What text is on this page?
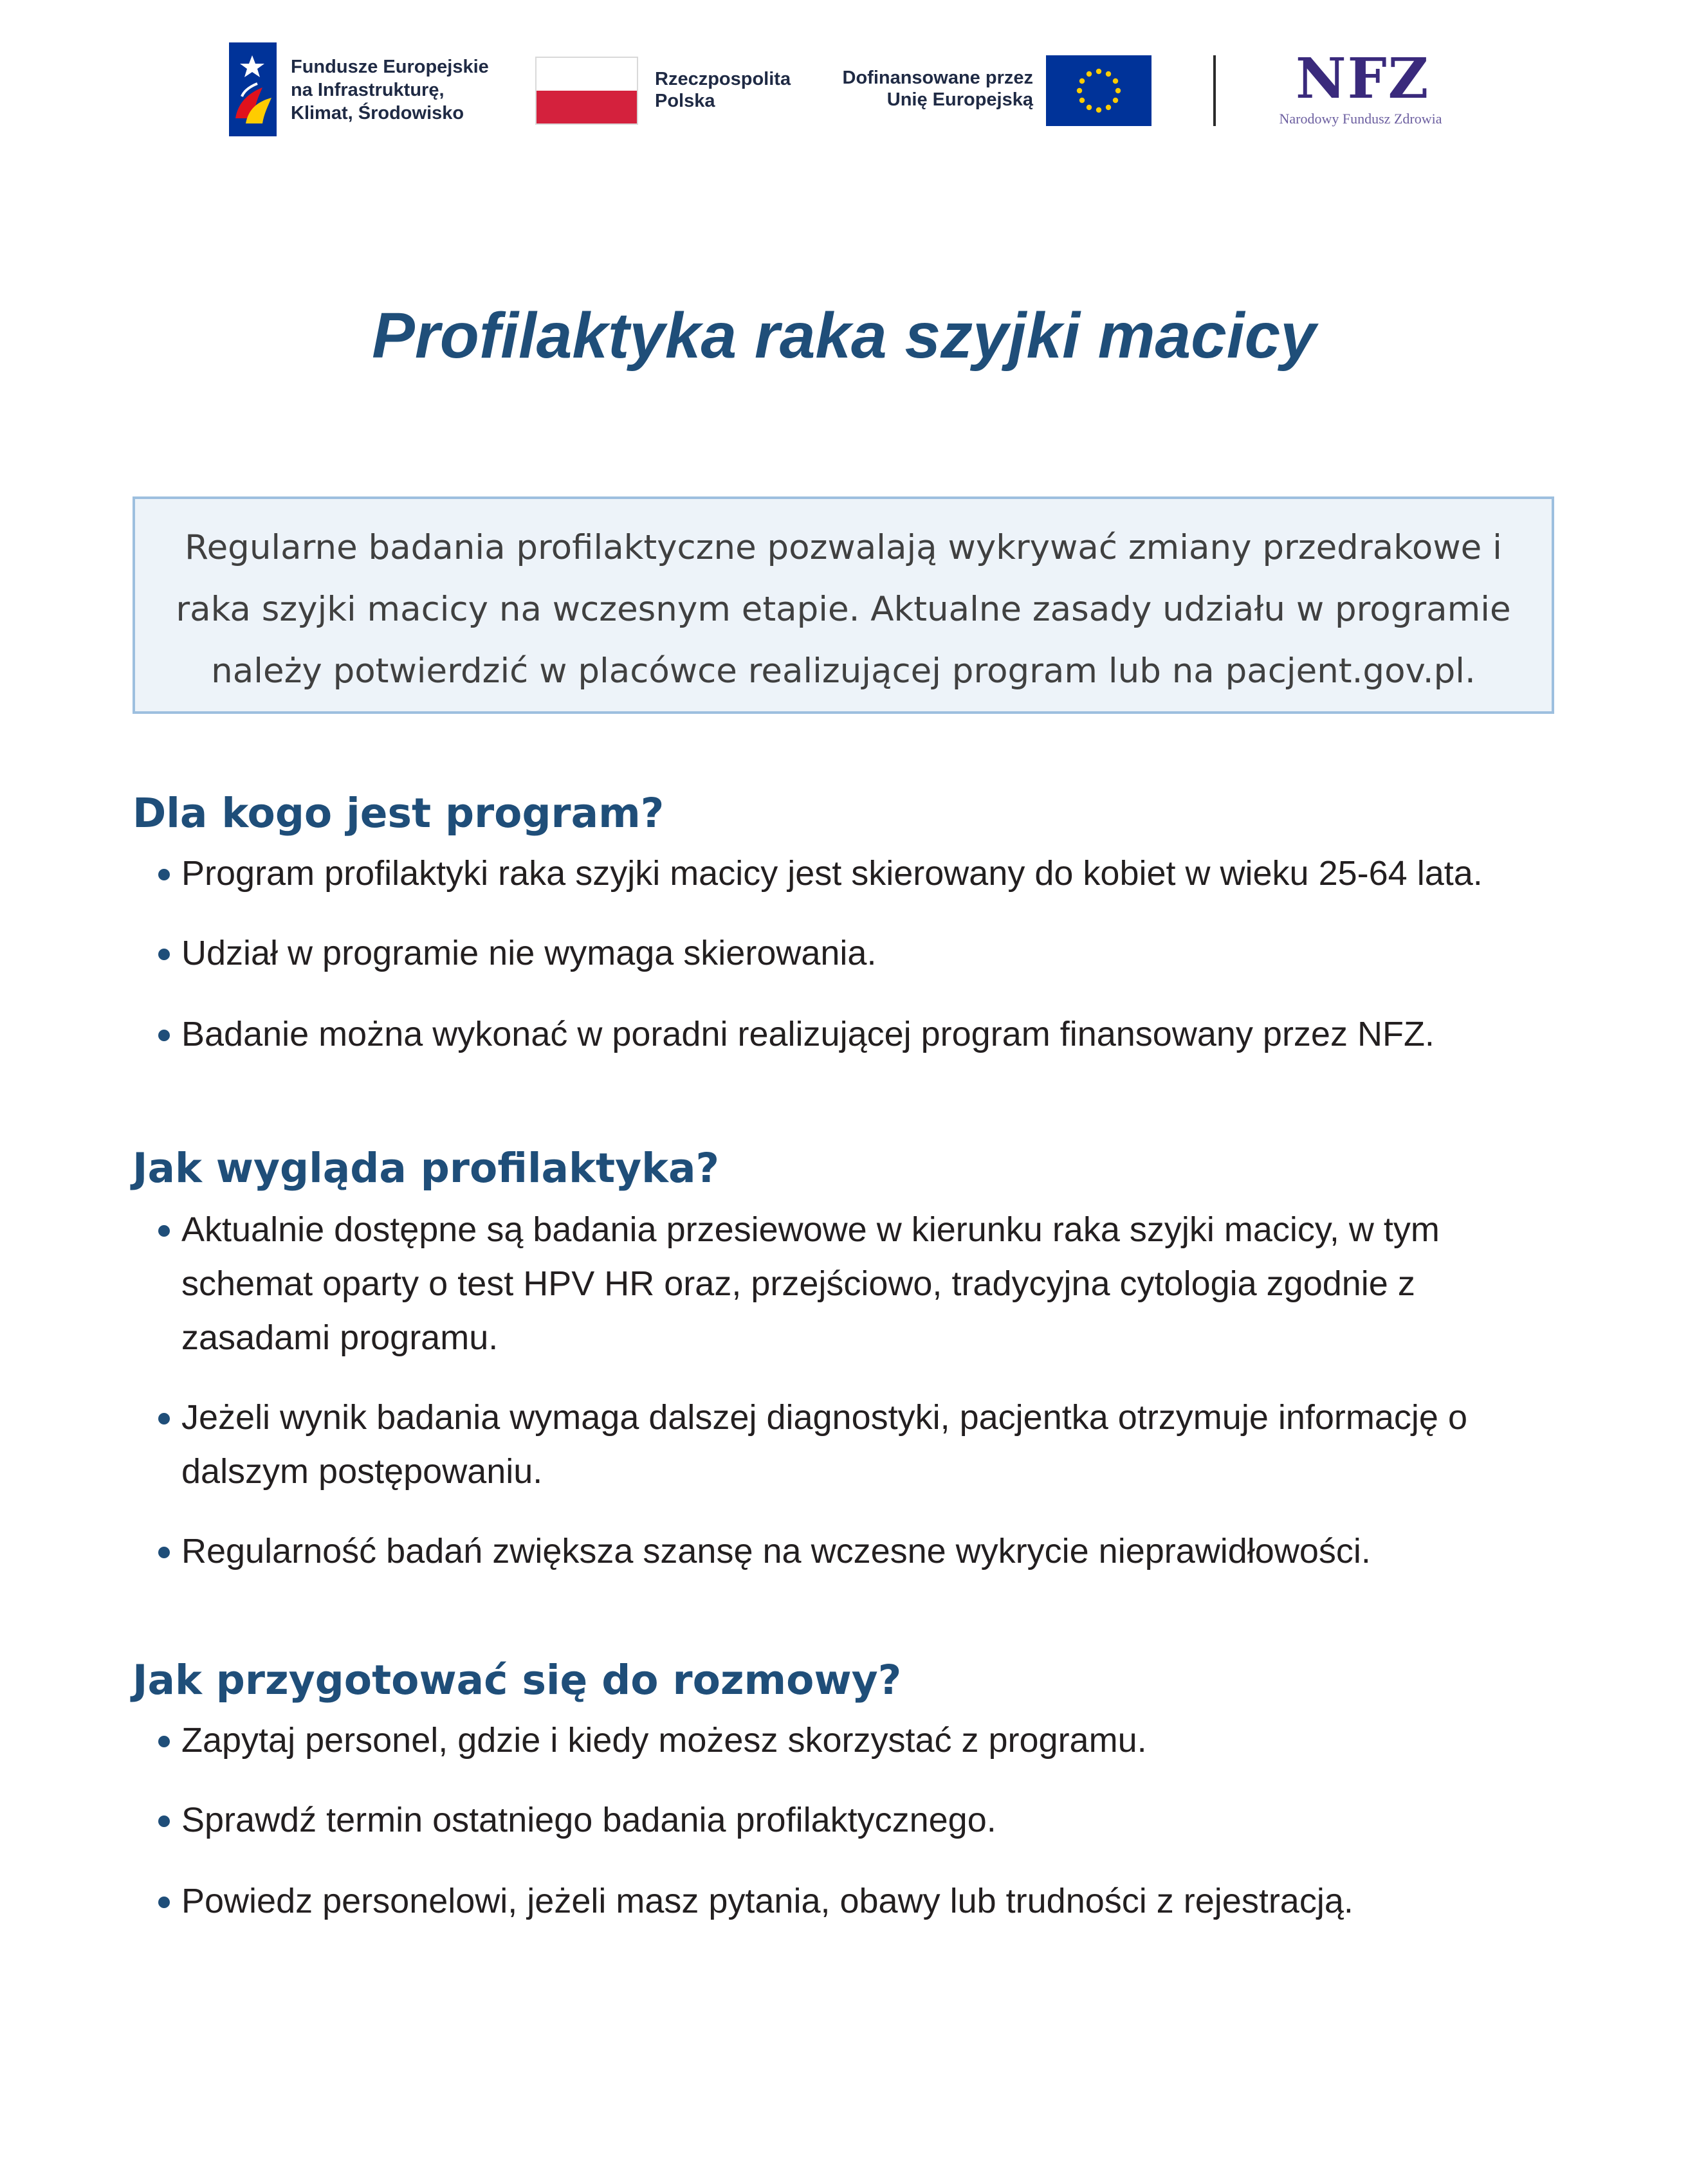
Fundusze Europejskie
na Infrastrukturę,
Klimat, Środowisko
Rzeczpospolita
Polska
Dofinansowane przez
Unię Europejską	NFZ
Narodowy Fundusz Zdrowia
Profilaktyka raka szyjki macicy
Regularne badania profilaktyczne pozwalają wykrywać zmiany przedrakowe i raka szyjki macicy na wczesnym etapie. Aktualne zasady udziału w programie należy potwierdzić w placówce realizującej program lub na pacjent.gov.pl.
Dla kogo jest program?
Program profilaktyki raka szyjki macicy jest skierowany do kobiet w wieku 25-64 lata.
Udział w programie nie wymaga skierowania.
Badanie można wykonać w poradni realizującej program finansowany przez NFZ.
Jak wygląda profilaktyka?
Aktualnie dostępne są badania przesiewowe w kierunku raka szyjki macicy, w tym schemat oparty o test HPV HR oraz, przejściowo, tradycyjna cytologia zgodnie z zasadami programu.
Jeżeli wynik badania wymaga dalszej diagnostyki, pacjentka otrzymuje informację o dalszym postępowaniu.
Regularność badań zwiększa szansę na wczesne wykrycie nieprawidłowości.
Jak przygotować się do rozmowy?
Zapytaj personel, gdzie i kiedy możesz skorzystać z programu.
Sprawdź termin ostatniego badania profilaktycznego.
Powiedz personelowi, jeżeli masz pytania, obawy lub trudności z rejestracją.
